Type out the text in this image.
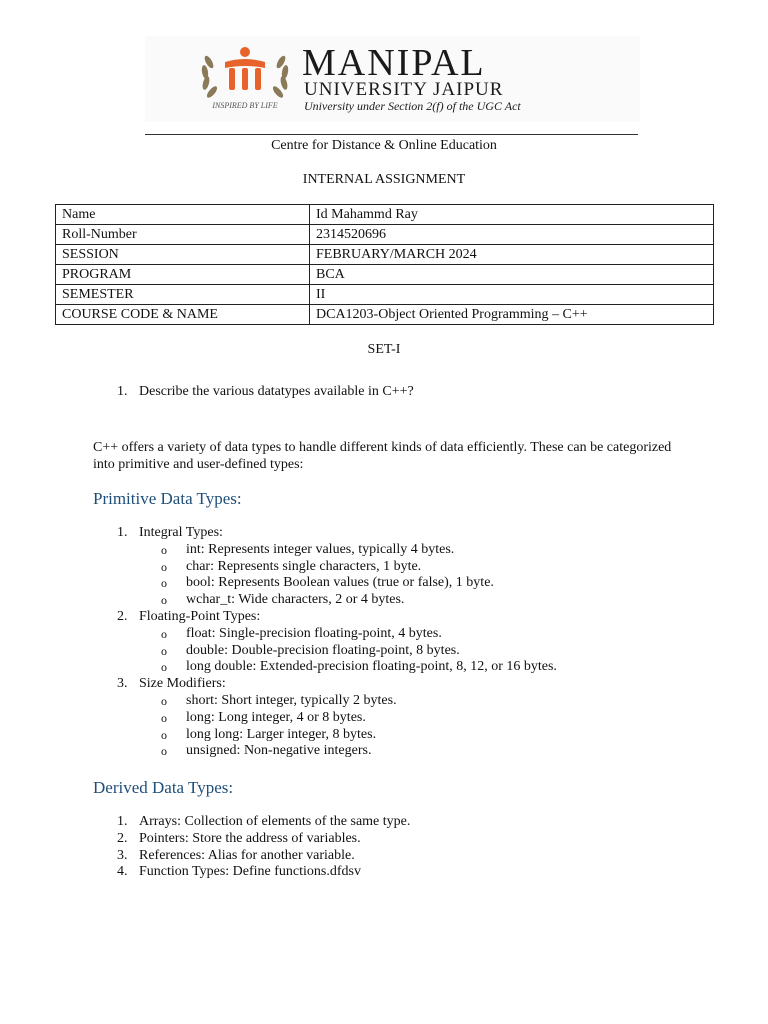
INSPIRED BY LIFE
MANIPAL
UNIVERSITY JAIPUR
University under Section 2(f) of the UGC Act
Centre for Distance & Online Education
INTERNAL ASSIGNMENT
Name	Id Mahammd Ray
Roll-Number	2314520696
SESSION	FEBRUARY/MARCH 2024
PROGRAM	BCA
SEMESTER	II
COURSE CODE & NAME	DCA1203-Object Oriented Programming – C++
SET-I
1. Describe the various datatypes available in C++?
C++ offers a variety of data types to handle different kinds of data efficiently. These can be categorized into primitive and user-defined types:
Primitive Data Types:
1. Integral Types:
o int: Represents integer values, typically 4 bytes.
o char: Represents single characters, 1 byte.
o bool: Represents Boolean values (true or false), 1 byte.
o wchar_t: Wide characters, 2 or 4 bytes.
2. Floating-Point Types:
o float: Single-precision floating-point, 4 bytes.
o double: Double-precision floating-point, 8 bytes.
o long double: Extended-precision floating-point, 8, 12, or 16 bytes.
3. Size Modifiers:
o short: Short integer, typically 2 bytes.
o long: Long integer, 4 or 8 bytes.
o long long: Larger integer, 8 bytes.
o unsigned: Non-negative integers.
Derived Data Types:
1. Arrays: Collection of elements of the same type.
2. Pointers: Store the address of variables.
3. References: Alias for another variable.
4. Function Types: Define functions.dfdsv
